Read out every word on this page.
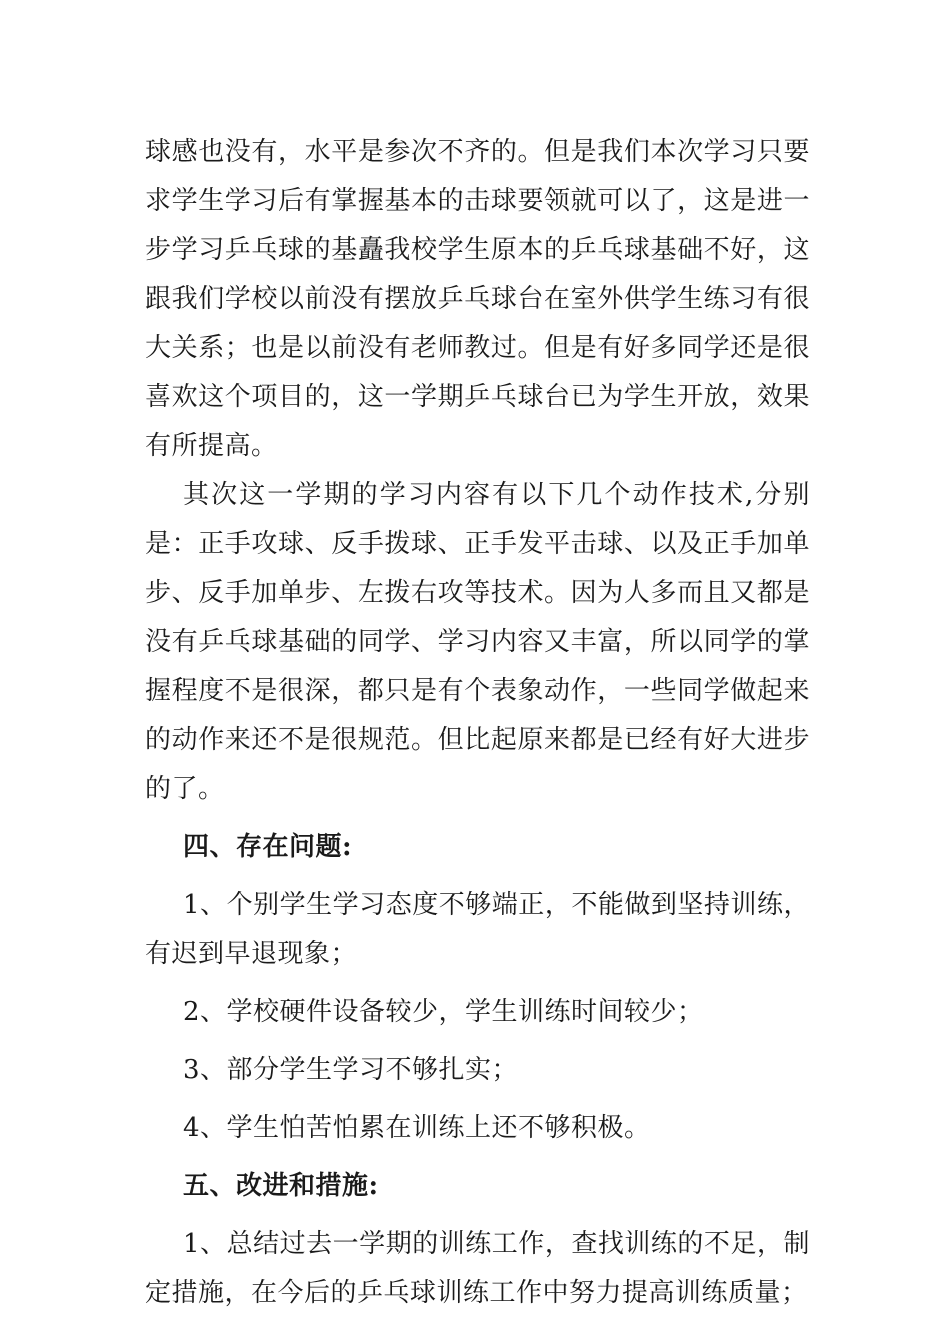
球感也没有，水平是参次不齐的。但是我们本次学习只要求学生学习后有掌握基本的击球要领就可以了，这是进一步学习乒乓球的基矗我校学生原本的乒乓球基础不好，这跟我们学校以前没有摆放乒乓球台在室外供学生练习有很大关系；也是以前没有老师教过。但是有好多同学还是很喜欢这个项目的，这一学期乒乓球台已为学生开放，效果有所提高。

其次这一学期的学习内容有以下几个动作技术,分别是：正手攻球、反手拨球、正手发平击球、以及正手加单步、反手加单步、左拨右攻等技术。因为人多而且又都是没有乒乓球基础的同学、学习内容又丰富，所以同学的掌握程度不是很深，都只是有个表象动作，一些同学做起来的动作来还不是很规范。但比起原来都是已经有好大进步的了。

四、存在问题:

1、个别学生学习态度不够端正，不能做到坚持训练，有迟到早退现象；

2、学校硬件设备较少，学生训练时间较少；

3、部分学生学习不够扎实；

4、学生怕苦怕累在训练上还不够积极。

五、改进和措施:

1、总结过去一学期的训练工作，查找训练的不足，制定措施，在今后的乒乓球训练工作中努力提高训练质量；
